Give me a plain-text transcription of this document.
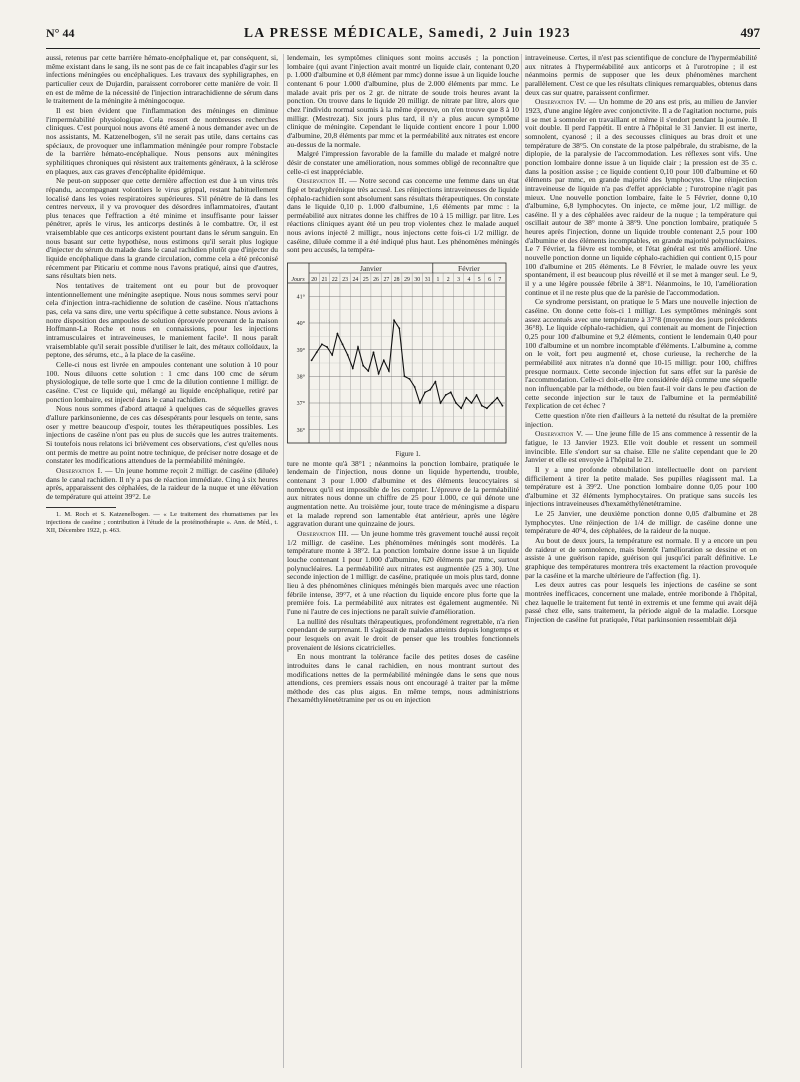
N° 44	LA PRESSE MÉDICALE, Samedi, 2 Juin 1923	497

aussi, retenus par cette barrière hémato-encéphalique et, par conséquent, si, même existant dans le sang, ils ne sont pas de ce fait incapables d'agir sur les infections méningées ou encéphaliques. Les travaux des syphiligraphes, en particulier ceux de Dujardin, paraissent corroborer cette manière de voir. Il en est de même de la nécessité de l'injection intrarachidienne de sérum dans le traitement de la méningite à méningocoque.

Il est bien évident que l'inflammation des méninges en diminue l'imperméabilité physiologique. Cela ressort de nombreuses recherches cliniques. C'est pourquoi nous avons été amené à nous demander avec un de nos assistants, M. Katzenelbogen, s'il ne serait pas utile, dans certains cas spéciaux, de provoquer une inflammation méningée pour rompre l'obstacle de la barrière hémato-encéphalique. Nous pensons aux méningites syphilitiques chroniques qui résistent aux traitements généraux, à la sclérose en plaques, aux cas graves d'encéphalite épidémique.

Ne peut-on supposer que cette dernière affection est due à un virus très répandu, accompagnant volontiers le virus grippal, restant habituellement localisé dans les voies respiratoires supérieures. S'il pénètre de là dans les centres nerveux, il y va provoquer des désordres inflammatoires, d'autant plus tenaces que l'effraction a été minime et insuffisante pour laisser pénétrer, après le virus, les anticorps destinés à le combattre. Or, il est vraisemblable que ces anticorps existent pourtant dans le sérum sanguin. En nous basant sur cette hypothèse, nous estimons qu'il serait plus logique d'injecter du sérum du malade dans le canal rachidien plutôt que d'injecter du liquide encéphalique dans la grande circulation, comme cela a été préconisé récemment par Piticariu et comme nous l'avons pratiqué, ainsi que d'autres, sans résultats bien nets.

Nos tentatives de traitement ont eu pour but de provoquer intentionnellement une méningite aseptique. Nous nous sommes servi pour cela d'injection intra-rachidienne de solution de caséine. Nous n'attachons pas, cela va sans dire, une vertu spécifique à cette substance. Nous avions à notre disposition des ampoules de solution éprouvée provenant de la maison Hoffmann-La Roche et nous en connaissions, pour les injections intramusculaires et intraveineuses, le maniement facile¹. Il nous paraît vraisemblable qu'il serait possible d'utiliser le lait, des métaux colloïdaux, la peptone, des sérums, etc., à la place de la caséine.

Celle-ci nous est livrée en ampoules contenant une solution à 10 pour 100. Nous diluons cette solution : 1 cmc dans 100 cmc de sérum physiologique, de telle sorte que 1 cmc de la dilution contienne 1 milligr. de caséine. C'est ce liquide qui, mélangé au liquide encéphalique, retiré par ponction lombaire, est injecté dans le canal rachidien.

Nous nous sommes d'abord attaqué à quelques cas de séquelles graves d'allure parkinsonienne, de ces cas désespérants pour lesquels on tente, sans oser y mettre beaucoup d'espoir, toutes les thérapeutiques possibles. Les injections de caséine n'ont pas eu plus de succès que les autres traitements. Si toutefois nous relatons ici brièvement ces observations, c'est qu'elles nous ont permis de mettre au point notre technique, de préciser notre dosage et de constater les modifications attendues de la perméabilité méningée.

Observation I. — Un jeune homme reçoit 2 milligr. de caséine (diluée) dans le canal rachidien. Il n'y a pas de réaction immédiate. Cinq à six heures après, apparaissent des céphalées, de la raideur de la nuque et une élévation de température qui atteint 39°2. Le

1. M. Roch et S. Katzenelbogen. — « Le traitement des rhumatismes par les injections de caséine ; contribution à l'étude de la protéinothérapie ». Ann. de Méd., t. XII, Décembre 1922, p. 463.

lendemain, les symptômes cliniques sont moins accusés ; la ponction lombaire (qui avant l'injection avait montré un liquide clair, contenant 0,20 p. 1.000 d'albumine et 0,8 élément par mmc) donne issue à un liquide louche contenant 6 pour 1.000 d'albumine, plus de 2.000 éléments par mmc. Le malade avait pris per os 2 gr. de nitrate de soude trois heures avant la ponction. On trouve dans le liquide 20 milligr. de nitrate par litre, alors que chez l'individu normal soumis à la même épreuve, on n'en trouve que 8 à 10 milligr. (Mestrezat). Six jours plus tard, il n'y a plus aucun symptôme clinique de méningite. Cependant le liquide contient encore 1 pour 1.000 d'albumine, 20,8 éléments par mmc et la perméabilité aux nitrates est encore au-dessus de la normale.

Malgré l'impression favorable de la famille du malade et malgré notre désir de constater une amélioration, nous sommes obligé de reconnaître que celle-ci est inappréciable.

Observation II. — Notre second cas concerne une femme dans un état figé et bradyphrénique très accusé. Les réinjections intraveineuses de liquide céphalo-rachidien sont absolument sans résultats thérapeutiques. On constate dans le liquide 0,10 p. 1.000 d'albumine, 1,6 éléments par mmc : la perméabilité aux nitrates donne les chiffres de 10 à 15 milligr. par litre. Les réactions cliniques ayant été un peu trop violentes chez le malade auquel nous avions injecté 2 milligr., nous injectons cette fois-ci 1/2 milligr. de caséine, diluée comme il a été indiqué plus haut. Les phénomènes méningés sont peu accusés, la tempéra-

Janvier	Février
Jours 20 21 22 23 24 25 26 27 28 29 30 31 1 2 3 4 5 6 7
41°
40°
39°
38°
37°
36°

Figure 1.

ture ne monte qu'à 38°1 ; néanmoins la ponction lombaire, pratiquée le lendemain de l'injection, nous donne un liquide hypertendu, trouble, contenant 3 pour 1.000 d'albumine et des éléments leucocytaires si nombreux qu'il est impossible de les compter. L'épreuve de la perméabilité aux nitrates nous donne un chiffre de 25 pour 1.000, ce qui dénote une augmentation nette. Au troisième jour, toute trace de méningisme a disparu et la malade reprend son lamentable état antérieur, après une légère aggravation durant une quinzaine de jours.

Observation III. — Un jeune homme très gravement touché aussi reçoit 1/2 milligr. de caséine. Les phénomènes méningés sont modérés. La température monte à 38°2. La ponction lombaire donne issue à un liquide louche contenant 1 pour 1.000 d'albumine, 620 éléments par mmc, surtout polynucléaires. La perméabilité aux nitrates est augmentée (25 à 30). Une seconde injection de 1 milligr. de caséine, pratiquée un mois plus tard, donne lieu à des phénomènes cliniques méningés bien marqués avec une réaction fébrile intense, 39°7, et à une réaction du liquide encore plus forte que la première fois. La perméabilité aux nitrates est également augmentée. Ni l'une ni l'autre de ces injections ne paraît suivie d'amélioration.

La nullité des résultats thérapeutiques, profondément regrettable, n'a rien cependant de surprenant. Il s'agissait de malades atteints depuis longtemps et pour lesquels on avait le droit de penser que les troubles fonctionnels provenaient de lésions cicatricielles.

En nous montrant la tolérance facile des petites doses de caséine introduites dans le canal rachidien, en nous montrant surtout des modifications nettes de la perméabilité méningée dans le sens que nous attendions, ces premiers essais nous ont encouragé à traiter par la même méthode des cas plus aigus. En même temps, nous administrions l'hexaméthylènetétramine per os ou en injection

intraveineuse. Certes, il n'est pas scientifique de conclure de l'hyperméabilité aux nitrates à l'hyperméabilité aux anticorps et à l'urotropine ; il est néanmoins permis de supposer que les deux phénomènes marchent parallèlement. C'est ce que les résultats cliniques remarquables, obtenus dans deux cas sur quatre, paraissent confirmer.

Observation IV. — Un homme de 20 ans est pris, au milieu de Janvier 1923, d'une angine légère avec conjonctivite. Il a de l'agitation nocturne, puis il se met à somnoler en travaillant et même il s'endort pendant la journée. Il voit double. Il perd l'appétit. Il entre à l'hôpital le 31 Janvier. Il est inerte, somnolent, cyanosé ; il a des secousses cliniques au bras droit et une température de 38°5. On constate de la ptose palpébrale, du strabisme, de la diplopie, de la paralysie de l'accommodation. Les réflexes sont vifs. Une ponction lombaire donne issue à un liquide clair ; la pression est de 35 c. dans la position assise ; ce liquide contient 0,10 pour 100 d'albumine et 60 éléments par mmc, en grande majorité des lymphocytes. Une réinjection intraveineuse de liquide n'a pas d'effet appréciable ; l'urotropine n'agit pas mieux. Une nouvelle ponction lombaire, faite le 5 Février, donne 0,10 d'albumine, 6,8 lymphocytes. On injecte, ce même jour, 1/2 milligr. de caséine. Il y a des céphalées avec raideur de la nuque ; la température qui oscillait autour de 38° monte à 38°9. Une ponction lombaire, pratiquée 5 heures après l'injection, donne un liquide trouble contenant 2,5 pour 100 d'albumine et des éléments incomptables, en grande majorité polynucléaires. Le 7 Février, la fièvre est tombée, et l'état général est très amélioré. Une nouvelle ponction donne un liquide céphalo-rachidien qui contient 0,15 pour 100 d'albumine et 205 éléments. Le 8 Février, le malade ouvre les yeux spontanément, il est beaucoup plus réveillé et il se met à manger seul. Le 9, il y a une légère poussée fébrile à 38°1. Néanmoins, le 10, l'amélioration continue et il ne reste plus que de la parésie de l'accommodation.

Ce syndrome persistant, on pratique le 5 Mars une nouvelle injection de caséine. On donne cette fois-ci 1 milligr. Les symptômes méningés sont assez accentués avec une température à 37°8 (moyenne des jours précédents 36°8). Le liquide céphalo-rachidien, qui contenait au moment de l'injection 0,25 pour 100 d'albumine et 9,2 éléments, contient le lendemain 0,40 pour 100 d'albumine et un nombre incomptable d'éléments. L'albumine a, comme on le voit, fort peu augmenté et, chose curieuse, la recherche de la perméabilité aux nitrates n'a donné que 10-15 milligr. pour 100, chiffres presque normaux. Cette seconde injection fut sans effet sur la parésie de l'accommodation. Celle-ci doit-elle être considérée déjà comme une séquelle non influençable par la méthode, ou bien faut-il voir dans le peu d'action de cette seconde injection sur le taux de l'albumine et la perméabilité l'explication de cet échec ?

Cette question n'ôte rien d'ailleurs à la netteté du résultat de la première injection.

Observation V. — Une jeune fille de 15 ans commence à ressentir de la fatigue, le 13 Janvier 1923. Elle voit double et ressent un sommeil invincible. Elle s'endort sur sa chaise. Elle ne s'alite cependant que le 20 Janvier et elle est envoyée à l'hôpital le 21.

Il y a une profonde obnubilation intellectuelle dont on parvient difficilement à tirer la petite malade. Ses pupilles réagissent mal. La température est à 39°2. Une ponction lombaire donne 0,05 pour 100 d'albumine et 32 éléments lymphocytaires. On pratique sans succès les injections intraveineuses d'hexaméthylènetétramine.

Le 25 Janvier, une deuxième ponction donne 0,05 d'albumine et 28 lymphocytes. Une réinjection de 1/4 de milligr. de caséine donne une température de 40°4, des céphalées, de la raideur de la nuque.

Au bout de deux jours, la température est normale. Il y a encore un peu de raideur et de somnolence, mais bientôt l'amélioration se dessine et on assiste à une guérison rapide, guérison qui jusqu'ici paraît définitive. Le graphique des températures montrera très exactement la réaction provoquée par la caséine et la marche ultérieure de l'affection (fig. 1).

Les deux autres cas pour lesquels les injections de caséine se sont montrées inefficaces, concernent une malade, entrée moribonde à l'hôpital, chez laquelle le traitement fut tenté in extremis et une femme qui avait déjà passé chez elle, sans traitement, la période aiguë de la maladie. Lorsque l'injection de caséine fut pratiquée, l'état parkinsonien ressemblait déjà
